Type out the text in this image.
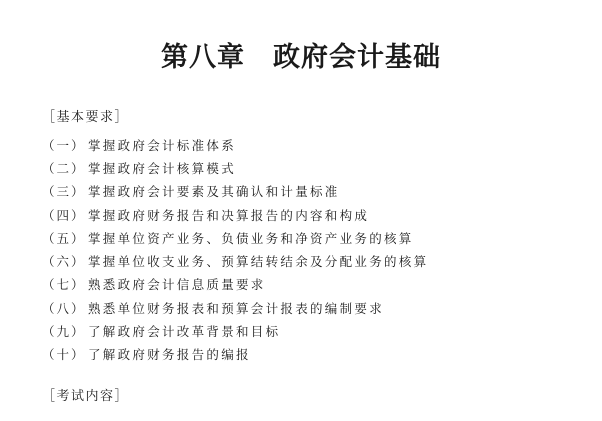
第八章　政府会计基础
［基本要求］
（一） 掌握政府会计标准体系
（二） 掌握政府会计核算模式
（三） 掌握政府会计要素及其确认和计量标准
（四） 掌握政府财务报告和决算报告的内容和构成
（五） 掌握单位资产业务、负债业务和净资产业务的核算
（六） 掌握单位收支业务、预算结转结余及分配业务的核算
（七） 熟悉政府会计信息质量要求
（八） 熟悉单位财务报表和预算会计报表的编制要求
（九） 了解政府会计改革背景和目标
（十） 了解政府财务报告的编报
［考试内容］
